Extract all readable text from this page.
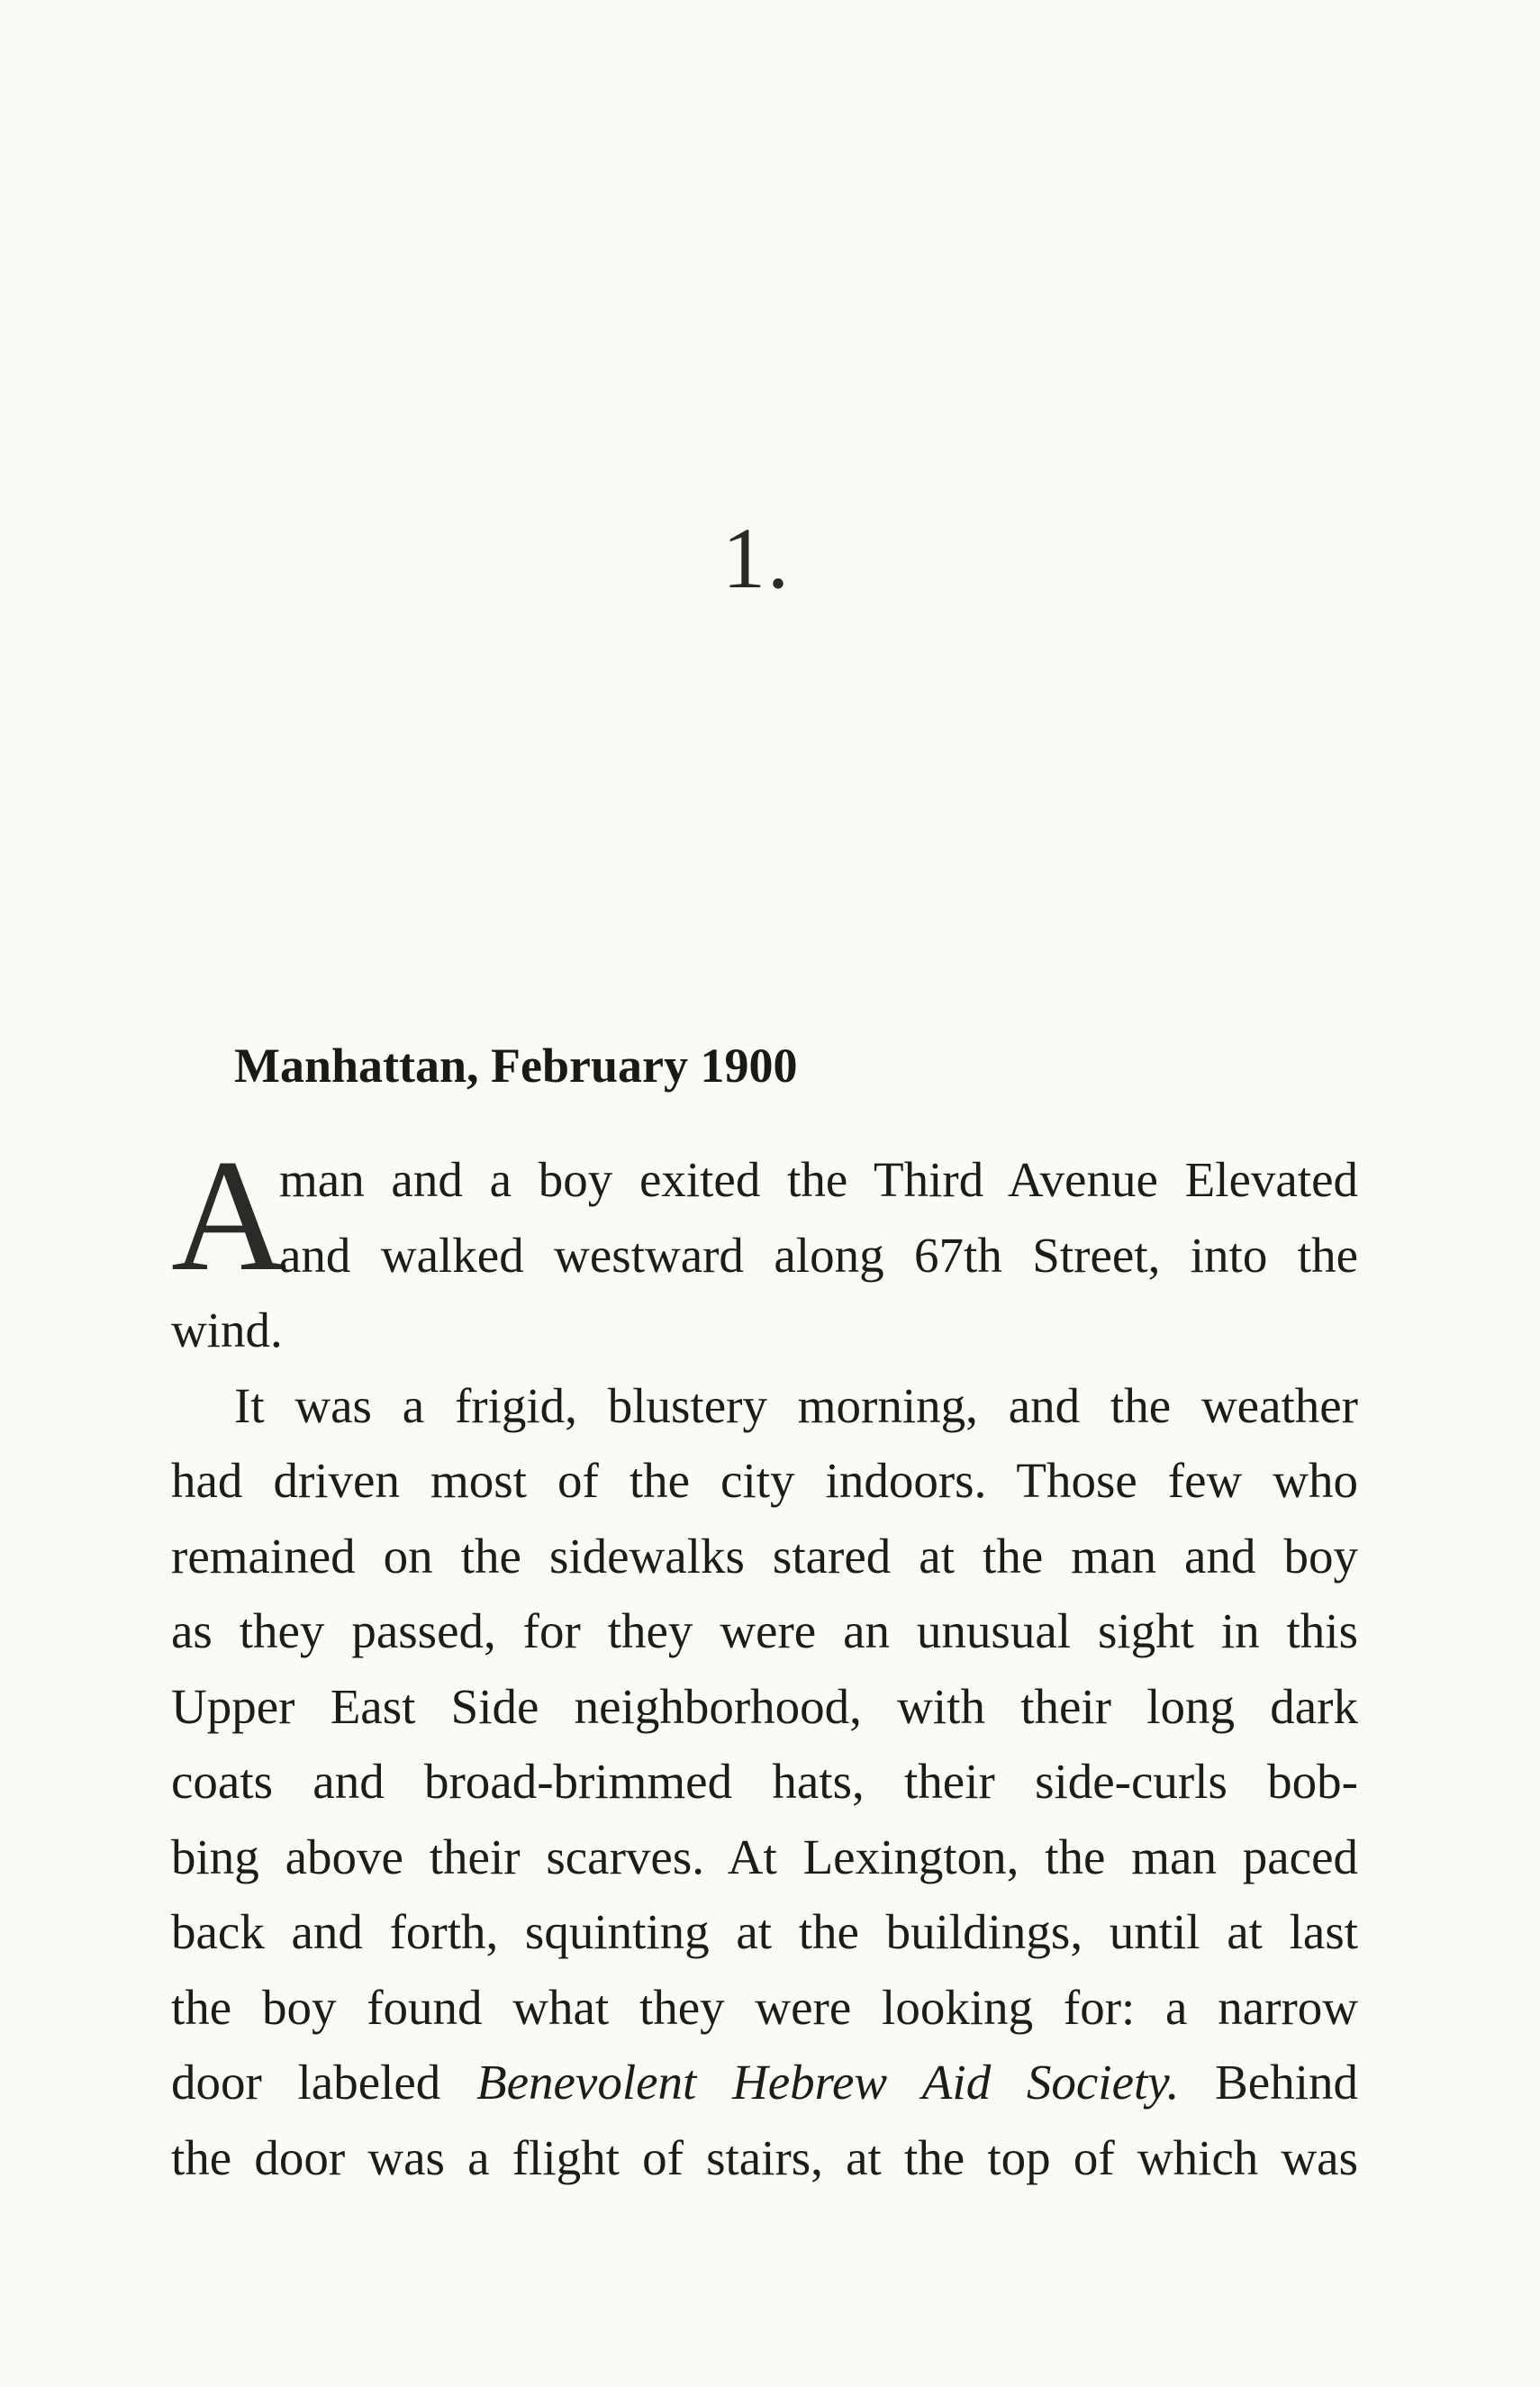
1.
Manhattan, February 1900
A
man and a boy exited the Third Avenue Elevated
and walked westward along 67th Street, into the
wind.
It was a frigid, blustery morning, and the weather
had driven most of the city indoors. Those few who
remained on the sidewalks stared at the man and boy
as they passed, for they were an unusual sight in this
Upper East Side neighborhood, with their long dark
coats and broad-brimmed hats, their side-curls bob-
bing above their scarves. At Lexington, the man paced
back and forth, squinting at the buildings, until at last
the boy found what they were looking for: a narrow
door labeled Benevolent Hebrew Aid Society. Behind
the door was a flight of stairs, at the top of which was
